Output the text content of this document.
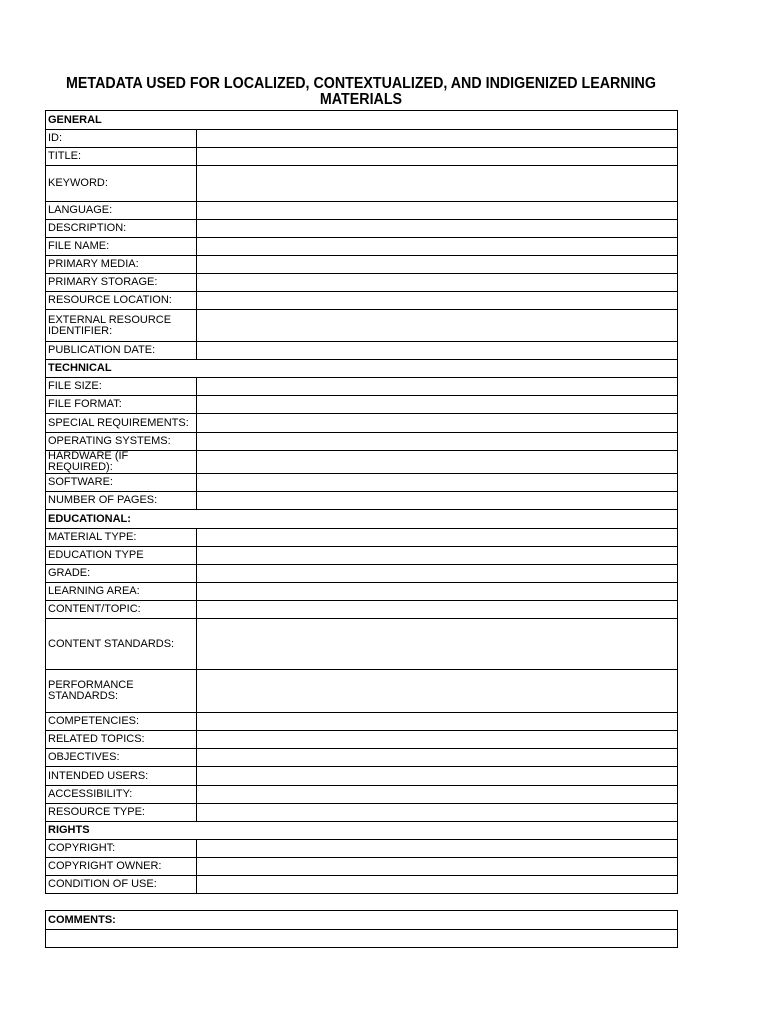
METADATA USED FOR LOCALIZED, CONTEXTUALIZED, AND INDIGENIZED LEARNING
MATERIALS
GENERAL	
ID:	
TITLE:	
KEYWORD:	
LANGUAGE:	
DESCRIPTION:	
FILE NAME:	
PRIMARY MEDIA:	
PRIMARY STORAGE:	
RESOURCE LOCATION:	
EXTERNAL RESOURCE IDENTIFIER:	
PUBLICATION DATE:	
TECHNICAL	
FILE SIZE:	
FILE FORMAT:	
SPECIAL REQUIREMENTS:	
OPERATING SYSTEMS:	
HARDWARE (IF REQUIRED):	
SOFTWARE:	
NUMBER OF PAGES:	
EDUCATIONAL:	
MATERIAL TYPE:	
EDUCATION TYPE	
GRADE:	
LEARNING AREA:	
CONTENT/TOPIC:	
CONTENT STANDARDS:	
PERFORMANCE STANDARDS:	
COMPETENCIES:	
RELATED TOPICS:	
OBJECTIVES:	
INTENDED USERS:	
ACCESSIBILITY:	
RESOURCE TYPE:	
RIGHTS	
COPYRIGHT:	
COPYRIGHT OWNER:	
CONDITION OF USE:	
COMMENTS:
